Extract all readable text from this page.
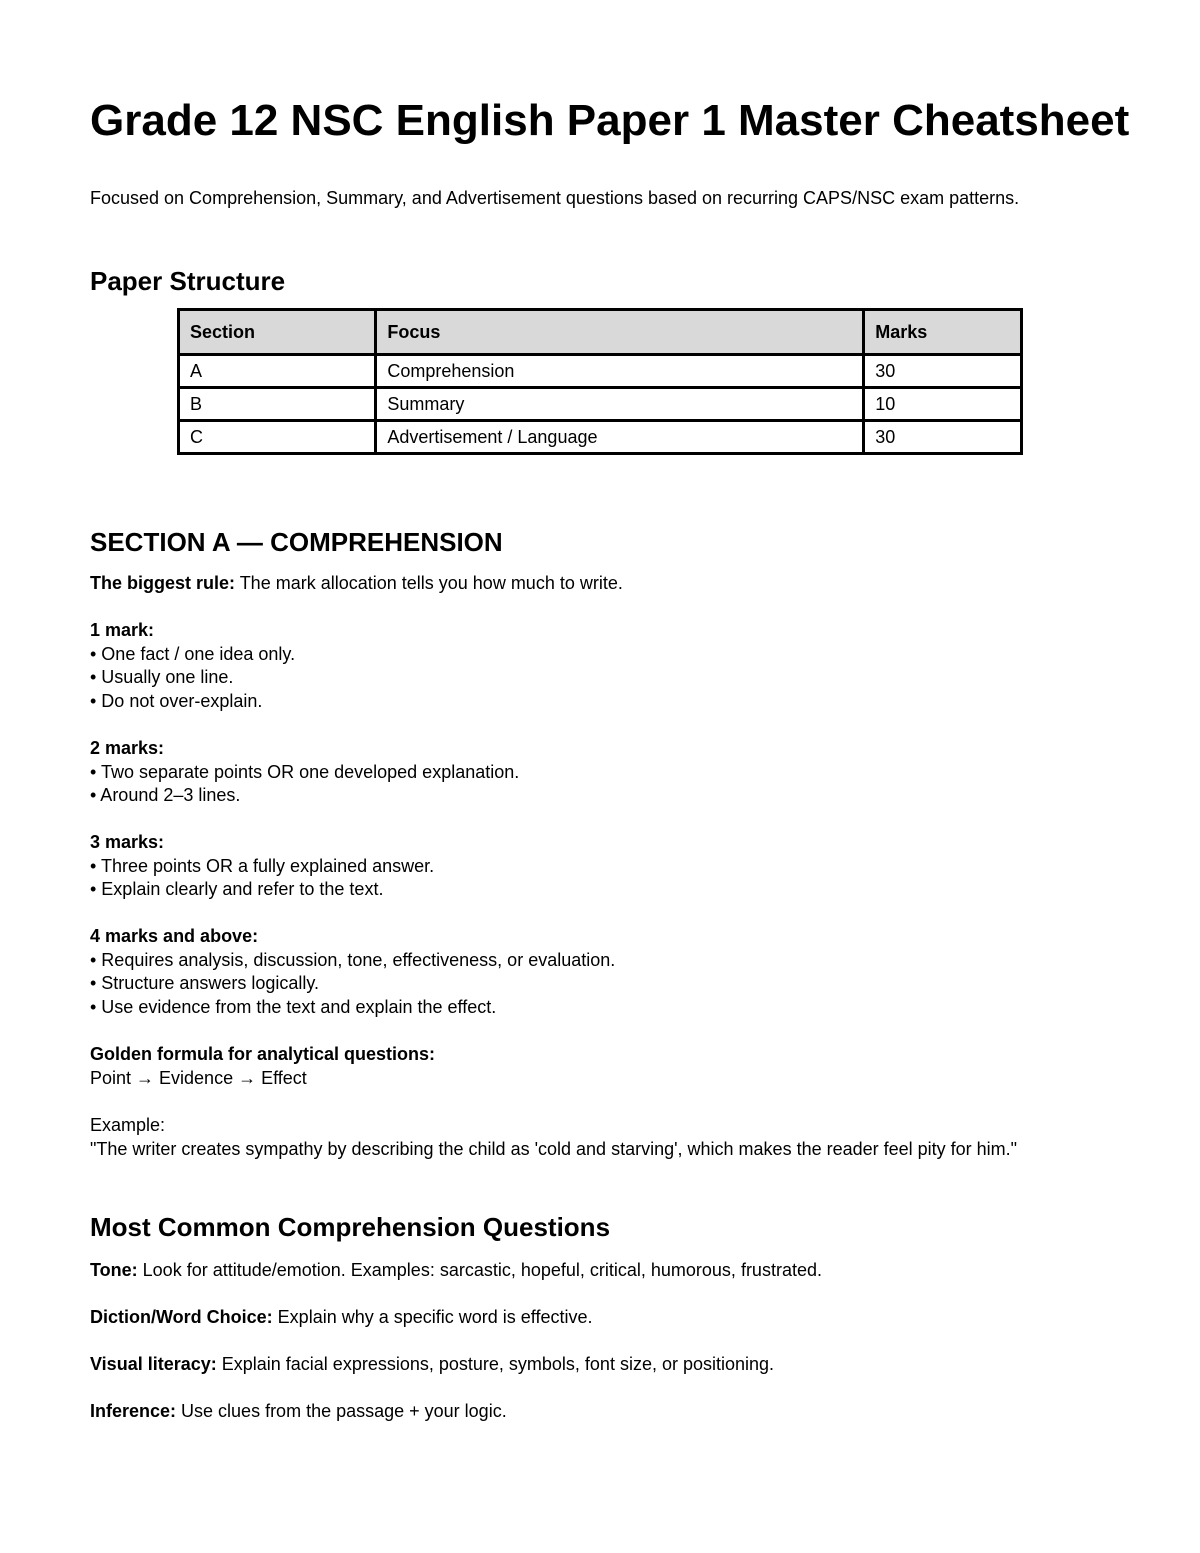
Grade 12 NSC English Paper 1 Master Cheatsheet

Focused on Comprehension, Summary, and Advertisement questions based on recurring CAPS/NSC exam patterns.

Paper Structure
Section	Focus	Marks
A	Comprehension	30
B	Summary	10
C	Advertisement / Language	30
SECTION A — COMPREHENSION

The biggest rule: The mark allocation tells you how much to write.

1 mark:

• One fact / one idea only.

• Usually one line.

• Do not over-explain.

2 marks:

• Two separate points OR one developed explanation.

• Around 2–3 lines.

3 marks:

• Three points OR a fully explained answer.

• Explain clearly and refer to the text.

4 marks and above:

• Requires analysis, discussion, tone, effectiveness, or evaluation.

• Structure answers logically.

• Use evidence from the text and explain the effect.

Golden formula for analytical questions:

Point → Evidence → Effect

Example:

"The writer creates sympathy by describing the child as 'cold and starving', which makes the reader feel pity for him."

Most Common Comprehension Questions

Tone: Look for attitude/emotion. Examples: sarcastic, hopeful, critical, humorous, frustrated.

Diction/Word Choice: Explain why a specific word is effective.

Visual literacy: Explain facial expressions, posture, symbols, font size, or positioning.

Inference: Use clues from the passage + your logic.
